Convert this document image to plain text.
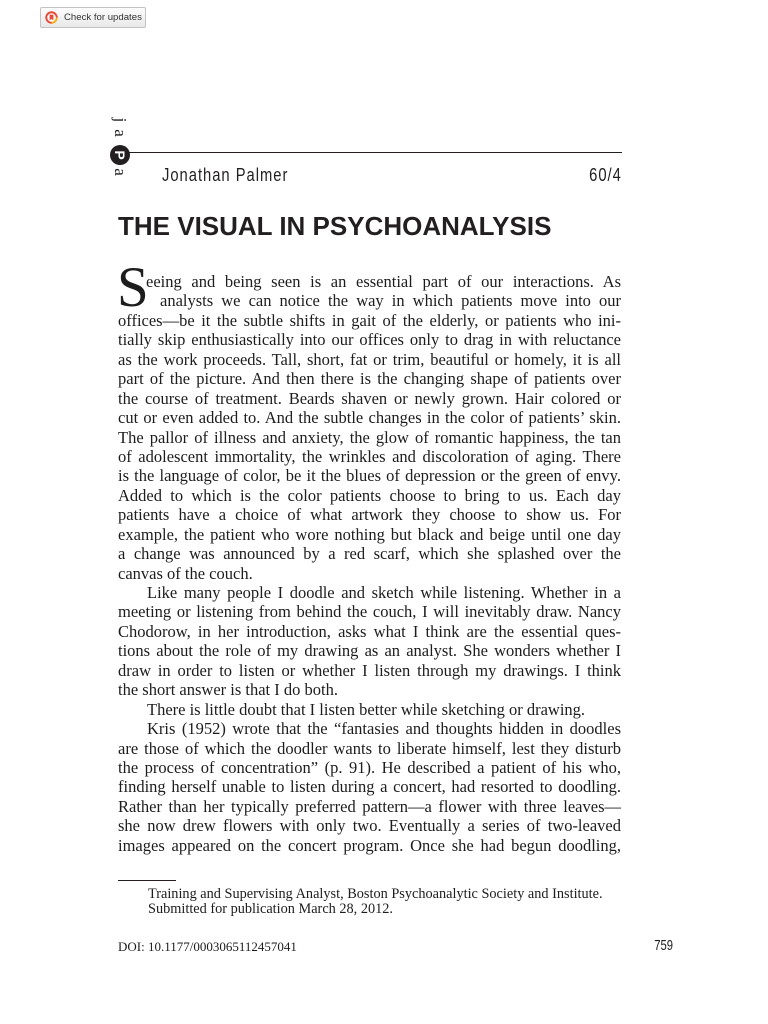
Check for updates
j
a
P
a Jonathan Palmer	60/4
THE VISUAL IN PSYCHOANALYSIS
S
eeing and being seen is an essential part of our interactions. As
analysts we can notice the way in which patients move into our
offices—be it the subtle shifts in gait of the elderly, or patients who ini-
tially skip enthusiastically into our offices only to drag in with reluctance
as the work proceeds. Tall, short, fat or trim, beautiful or homely, it is all
part of the picture. And then there is the changing shape of patients over
the course of treatment. Beards shaven or newly grown. Hair colored or
cut or even added to. And the subtle changes in the color of patients’ skin.
The pallor of illness and anxiety, the glow of romantic happiness, the tan
of adolescent immortality, the wrinkles and discoloration of aging. There
is the language of color, be it the blues of depression or the green of envy.
Added to which is the color patients choose to bring to us. Each day
patients have a choice of what artwork they choose to show us. For
example, the patient who wore nothing but black and beige until one day
a change was announced by a red scarf, which she splashed over the
canvas of the couch.
Like many people I doodle and sketch while listening. Whether in a
meeting or listening from behind the couch, I will inevitably draw. Nancy
Chodorow, in her introduction, asks what I think are the essential ques-
tions about the role of my drawing as an analyst. She wonders whether I
draw in order to listen or whether I listen through my drawings. I think
the short answer is that I do both.
There is little doubt that I listen better while sketching or drawing.
Kris (1952) wrote that the “fantasies and thoughts hidden in doodles
are those of which the doodler wants to liberate himself, lest they disturb
the process of concentration” (p. 91). He described a patient of his who,
finding herself unable to listen during a concert, had resorted to doodling.
Rather than her typically preferred pattern—a flower with three leaves—
she now drew flowers with only two. Eventually a series of two-leaved
images appeared on the concert program. Once she had begun doodling,
Training and Supervising Analyst, Boston Psychoanalytic Society and Institute.
Submitted for publication March 28, 2012.
DOI: 10.1177/0003065112457041	759
